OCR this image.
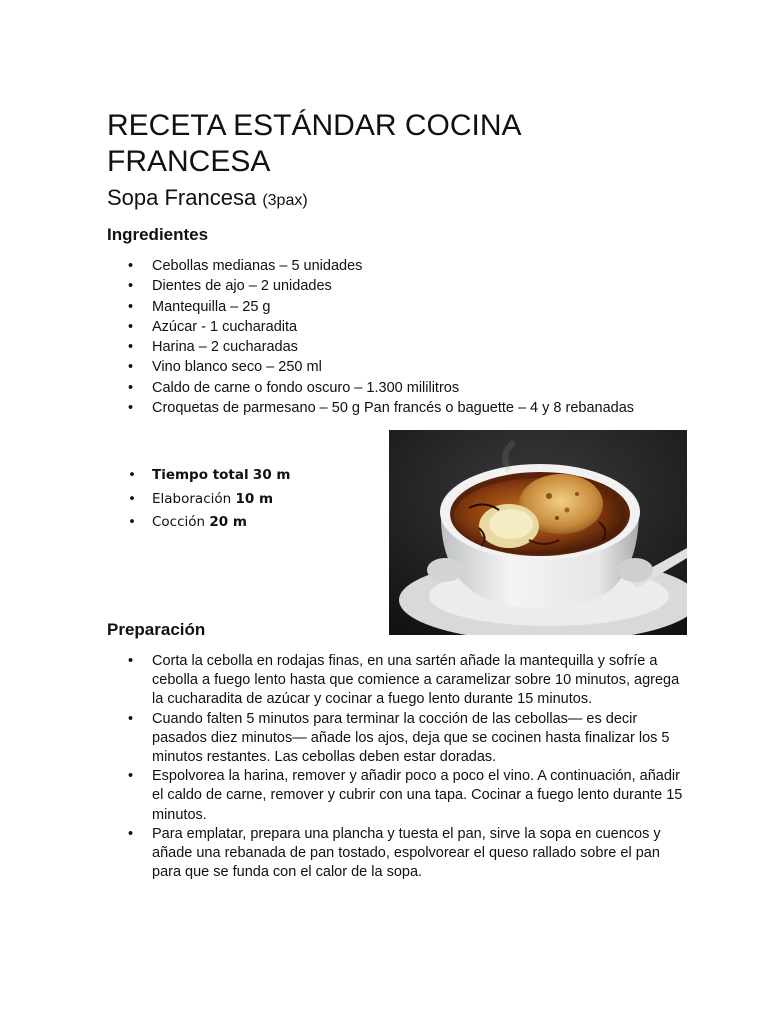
RECETA ESTÁNDAR COCINA FRANCESA

Sopa Francesa (3pax)

Ingredientes
• Cebollas medianas – 5 unidades
• Dientes de ajo – 2 unidades
• Mantequilla – 25 g
• Azúcar - 1 cucharadita
• Harina – 2 cucharadas
• Vino blanco seco – 250 ml
• Caldo de carne o fondo oscuro – 1.300 mililitros
• Croquetas de parmesano – 50 g Pan francés o baguette – 4 y 8 rebanadas
• Tiempo total 30 m
• Elaboración 10 m
• Cocción 20 m
Preparación
• Corta la cebolla en rodajas finas, en una sartén añade la mantequilla y sofríe a cebolla a fuego lento hasta que comience a caramelizar sobre 10 minutos, agrega la cucharadita de azúcar y cocinar a fuego lento durante 15 minutos.
• Cuando falten 5 minutos para terminar la cocción de las cebollas— es decir pasados diez minutos— añade los ajos, deja que se cocinen hasta finalizar los 5 minutos restantes. Las cebollas deben estar doradas.
• Espolvorea la harina, remover y añadir poco a poco el vino. A continuación, añadir el caldo de carne, remover y cubrir con una tapa. Cocinar a fuego lento durante 15 minutos.
• Para emplatar, prepara una plancha y tuesta el pan, sirve la sopa en cuencos y añade una rebanada de pan tostado, espolvorear el queso rallado sobre el pan para que se funda con el calor de la sopa.
